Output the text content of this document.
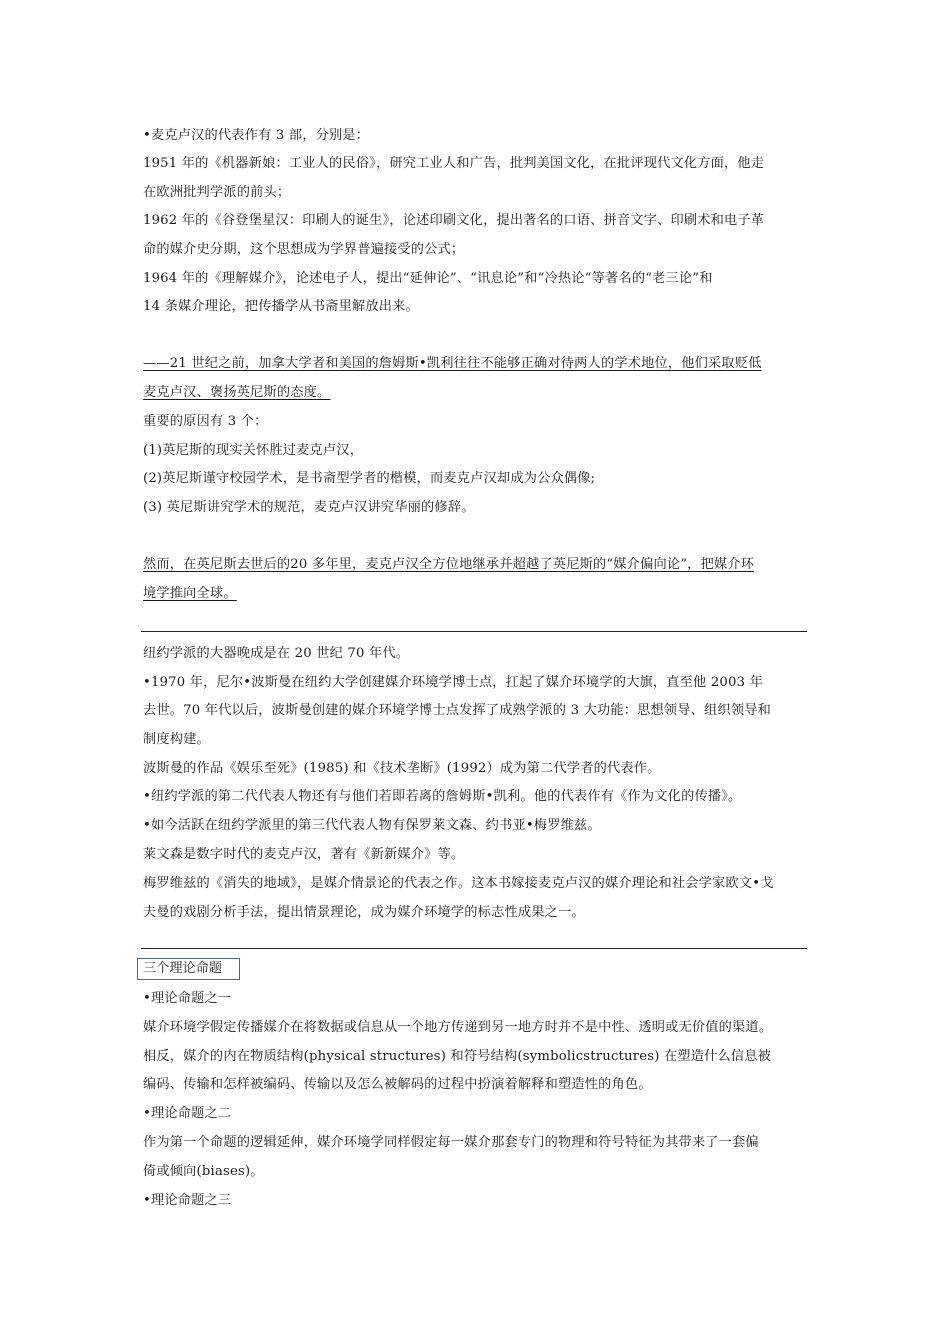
•麦克卢汉的代表作有 3 部，分别是：
1951 年的《机器新娘：工业人的民俗》，研究工业人和广告，批判美国文化，在批评现代文化方面，他走
在欧洲批判学派的前头；
1962 年的《谷登堡星汉：印刷人的诞生》，论述印刷文化，提出著名的口语、拼音文字、印刷术和电子革
命的媒介史分期，这个思想成为学界普遍接受的公式；
1964 年的《理解媒介》，论述电子人，提出“延伸论”、“讯息论”和“冷热论“等著名的“老三论”和
14 条媒介理论，把传播学从书斋里解放出来。
——21 世纪之前，加拿大学者和美国的詹姆斯•凯利往往不能够正确对待两人的学术地位，他们采取贬低
麦克卢汉、褒扬英尼斯的态度。
重要的原因有 3 个：
(1)英尼斯的现实关怀胜过麦克卢汉，
(2)英尼斯谨守校园学术，是书斋型学者的楷模，而麦克卢汉却成为公众偶像;
(3) 英尼斯讲究学术的规范，麦克卢汉讲究华丽的修辞。
然而，在英尼斯去世后的20 多年里，麦克卢汉全方位地继承并超越了英尼斯的“媒介偏向论”，把媒介环
境学推向全球。
纽约学派的大器晚成是在 20 世纪 70 年代。
•1970 年，尼尔•波斯曼在纽约大学创建媒介环境学博士点，扛起了媒介环境学的大旗，直至他 2003 年
去世。70 年代以后，波斯曼创建的媒介环境学博士点发挥了成熟学派的 3 大功能：思想领导、组织领导和
制度构建。
波斯曼的作品《娱乐至死》(1985) 和《技术垄断》(1992）成为第二代学者的代表作。
•纽约学派的第二代代表人物还有与他们若即若离的詹姆斯•凯利。他的代表作有《作为文化的传播》。
•如今活跃在纽约学派里的第三代代表人物有保罗莱文森、约书亚•梅罗维兹。
莱文森是数字时代的麦克卢汉，著有《新新媒介》等。
梅罗维兹的《消失的地域》，是媒介情景论的代表之作。这本书嫁接麦克卢汉的媒介理论和社会学家欧文•戈
夫曼的戏剧分析手法，提出情景理论，成为媒介环境学的标志性成果之一。
三个理论命题
•理论命题之一
媒介环境学假定传播媒介在将数据或信息从一个地方传递到另一地方时并不是中性、透明或无价值的渠道。
相反，媒介的内在物质结构(physical structures) 和符号结构(symbolicstructures) 在塑造什么信息被
编码、传输和怎样被编码、传输以及怎么被解码的过程中扮演着解释和塑造性的角色。
•理论命题之二
作为第一个命题的逻辑延伸，媒介环境学同样假定每一媒介那套专门的物理和符号特征为其带来了一套偏
倚或倾向(biases)。
•理论命题之三
